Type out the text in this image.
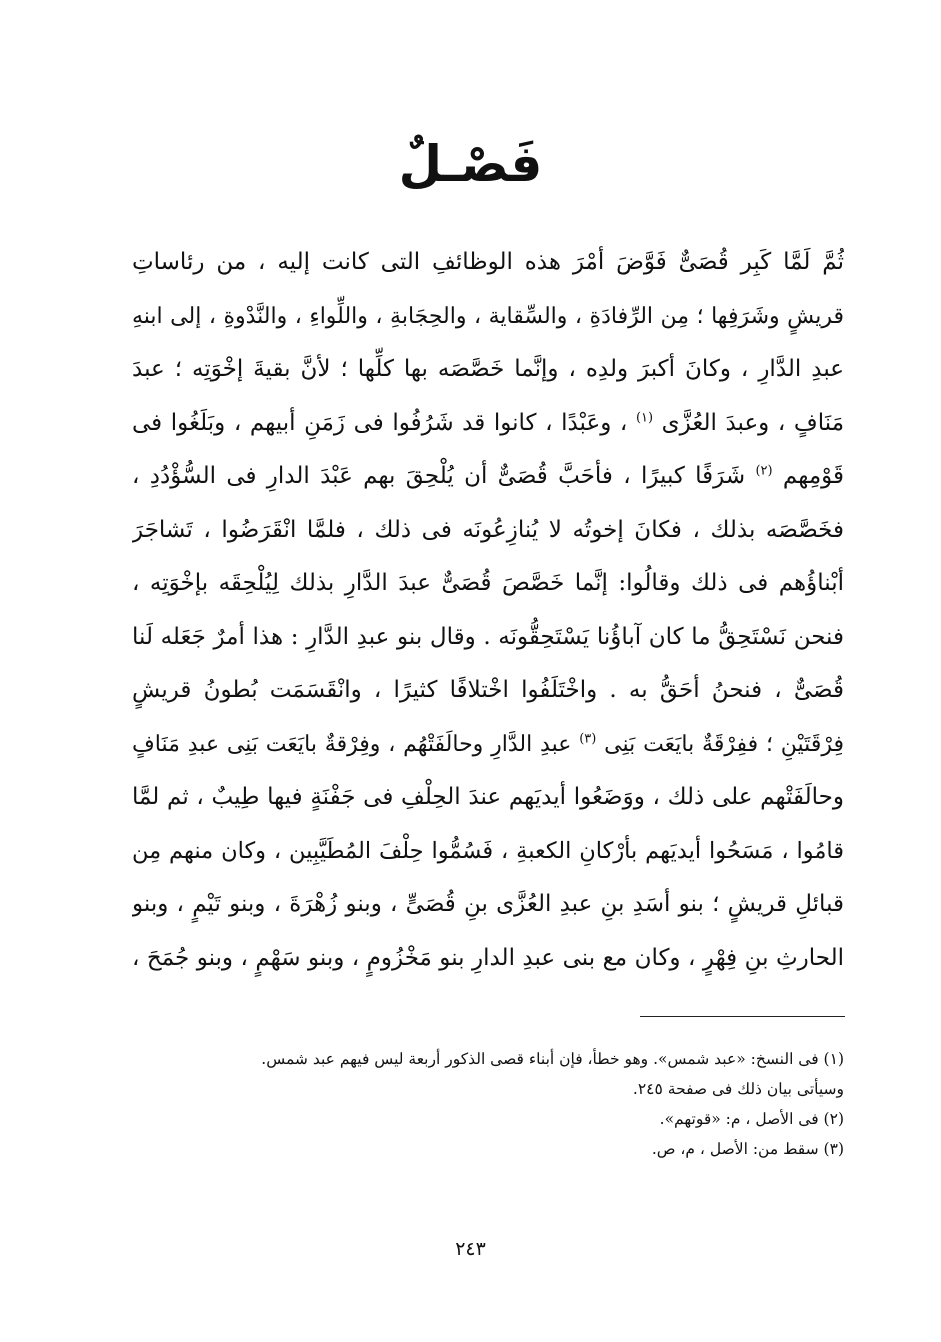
فَصْـلٌ
ثُمَّ لَمَّا كَبِر قُصَىٌّ فَوَّضَ أمْرَ هذه الوظائفِ التى كانت إليه ، من رئاساتِ
قريشٍ وشَرَفِها ؛ مِن الرِّفادَةِ ، والسِّقاية ، والحِجَابةِ ، واللِّواءِ ، والنَّدْوةِ ، إلى ابنهِ
عبدِ الدَّارِ ، وكانَ أكبرَ ولدِه ، وإنَّما خَصَّصَه بها كلِّها ؛ لأنَّ بقيةَ إخْوَتِه ؛ عبدَ
مَنَافٍ ، وعبدَ العُزَّى $^{(١)}$ ، وعَبْدًا ، كانوا قد شَرُفُوا فى زَمَنِ أبيهم ، وبَلَغُوا فى
قَوْمِهم $^{(٢)}$ شَرَفًا كبيرًا ، فأحَبَّ قُصَىٌّ أن يُلْحِقَ بهم عَبْدَ الدارِ فى السُّؤْدُدِ ،
فخَصَّصَه بذلك ، فكانَ إخوتُه لا يُنازِعُونَه فى ذلك ، فلمَّا انْقَرَضُوا ، تَشاجَرَ
أبْناؤُهم فى ذلك وقالُوا: إنَّما خَصَّصَ قُصَىٌّ عبدَ الدَّارِ بذلك لِيُلْحِقَه بإخْوَتِه ،
فنحن نَسْتَحِقُّ ما كان آباؤُنا يَسْتَحِقُّونَه . وقال بنو عبدِ الدَّارِ : هذا أمرٌ جَعَله لَنا
قُصَىٌّ ، فنحنُ أحَقُّ به . واخْتَلَفُوا اخْتلافًا كثيرًا ، وانْقَسَمَت بُطونُ قريشٍ
فِرْقَتَيْنِ ؛ ففِرْقَةٌ بايَعَت بَنِى $^{(٣)}$ عبدِ الدَّارِ وحالَفَتْهُم ، وفِرْقةٌ بايَعَت بَنِى عبدِ مَنَافٍ
وحالَفَتْهم على ذلك ، ووَضَعُوا أيديَهم عندَ الحِلْفِ فى جَفْنَةٍ فيها طِيبٌ ، ثم لمَّا
قامُوا ، مَسَحُوا أيديَهم بأرْكانِ الكعبةِ ، فَسُمُّوا حِلْفَ المُطَيَّبِين ، وكان منهم مِن
قبائلِ قريشٍ ؛ بنو أسَدِ بنِ عبدِ العُزَّى بنِ قُصَىٍّ ، وبنو زُهْرَةَ ، وبنو تَيْمٍ ، وبنو
الحارثِ بنِ فِهْرٍ ، وكان مع بنى عبدِ الدارِ بنو مَخْزُومٍ ، وبنو سَهْمٍ ، وبنو جُمَحَ ،
(١) فى النسخ: «عبد شمس». وهو خطأ، فإن أبناء قصى الذكور أربعة ليس فيهم عبد شمس.
وسيأتى بيان ذلك فى صفحة ٢٤٥.
(٢) فى الأصل ، م: «قوتهم».
(٣) سقط من: الأصل ، م، ص.
٢٤٣
